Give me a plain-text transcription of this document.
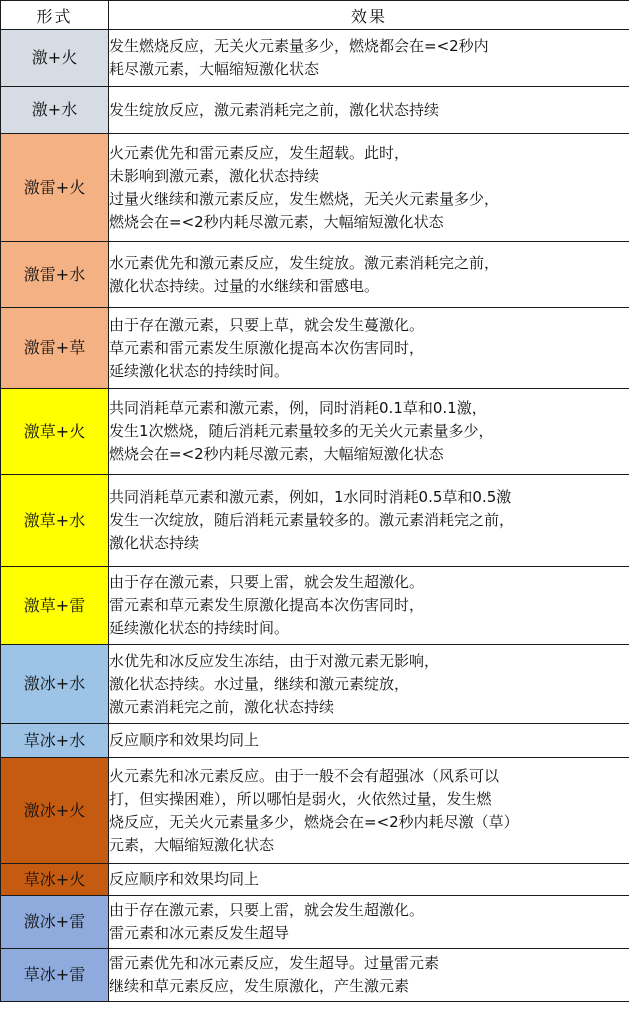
形式	效果
激+火	发生燃烧反应，无关火元素量多少，燃烧都会在=<2秒内
耗尽激元素，大幅缩短激化状态
激+水	发生绽放反应，激元素消耗完之前，激化状态持续
激雷+火	火元素优先和雷元素反应，发生超载。此时，
未影响到激元素，激化状态持续
过量火继续和激元素反应，发生燃烧，无关火元素量多少，
燃烧会在=<2秒内耗尽激元素，大幅缩短激化状态
激雷+水	水元素优先和激元素反应，发生绽放。激元素消耗完之前，
激化状态持续。过量的水继续和雷感电。
激雷+草	由于存在激元素，只要上草，就会发生蔓激化。
草元素和雷元素发生原激化提高本次伤害同时，
延续激化状态的持续时间。
激草+火	共同消耗草元素和激元素，例，同时消耗0.1草和0.1激，
发生1次燃烧，随后消耗元素量较多的无关火元素量多少，
燃烧会在=<2秒内耗尽激元素，大幅缩短激化状态
激草+水	共同消耗草元素和激元素，例如，1水同时消耗0.5草和0.5激
发生一次绽放，随后消耗元素量较多的。激元素消耗完之前，
激化状态持续
激草+雷	由于存在激元素，只要上雷，就会发生超激化。
雷元素和草元素发生原激化提高本次伤害同时，
延续激化状态的持续时间。
激冰+水	水优先和冰反应发生冻结，由于对激元素无影响，
激化状态持续。水过量，继续和激元素绽放，
激元素消耗完之前，激化状态持续
草冰+水	反应顺序和效果均同上
激冰+火	火元素先和冰元素反应。由于一般不会有超强冰（风系可以
打，但实操困难），所以哪怕是弱火，火依然过量，发生燃
烧反应，无关火元素量多少，燃烧会在=<2秒内耗尽激（草）
元素，大幅缩短激化状态
草冰+火	反应顺序和效果均同上
激冰+雷	由于存在激元素，只要上雷，就会发生超激化。
雷元素和冰元素反发生超导
草冰+雷	雷元素优先和冰元素反应，发生超导。过量雷元素
继续和草元素反应，发生原激化，产生激元素
